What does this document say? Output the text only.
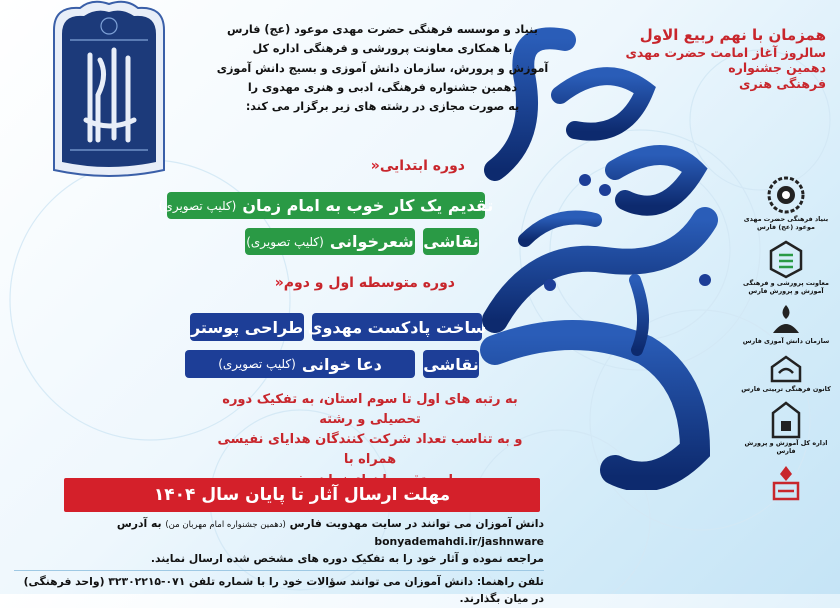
همزمان با نهم ربیع الاول
سالروز آغاز امامت حضرت مهدی
دهمین جشنواره
فرهنگی هنری
بنیاد و موسسه فرهنگی حضرت مهدی موعود (عج) فارس
با همکاری معاونت پرورشی و فرهنگی اداره کل
آموزش و پرورش، سازمان دانش آموزی و بسیج دانش آموزی
دهمین جشنواره فرهنگی، ادبی و هنری مهدوی را
به صورت مجازی در رشته های زیر برگزار می کند:
دوره ابتدایی«
تقدیم یک کار خوب به امام زمان
(کلیپ تصویری)
شعرخوانی
(کلیپ تصویری)	نقاشی
دوره متوسطه اول و دوم«
ساخت پادکست مهدوی
طراحی پوستر
دعا خوانی
(کلیپ تصویری)	نقاشی
به رتبه های اول تا سوم استان، به تفکیک دوره تحصیلی و رشته
و به تناسب تعداد شرکت کنندگان هدایای نفیسی همراه با
مهلت ارسال آثار تا پایان سال ۱۴۰۴
دانش آموزان می توانند در سایت مهدویت فارس (دهمین جشنواره امام مهربان من) به آدرس bonyademahdi.ir/jashnware
مراجعه نموده و آثار خود را به تفکیک دوره های مشخص شده ارسال نمایند.
تلفن راهنما: دانش آموزان می توانند سؤالات خود را با شماره تلفن ۰۷۱-۳۲۳۰۲۲۱۵ (واحد فرهنگی) در میان بگذارند.
بنیاد فرهنگی حضرت مهدی موعود (عج) فارس
معاونت پرورشی و فرهنگی آموزش و پرورش فارس
سازمان دانش آموزی فارس
کانون فرهنگی تربیتی فارس
اداره کل آموزش و پرورش فارس
